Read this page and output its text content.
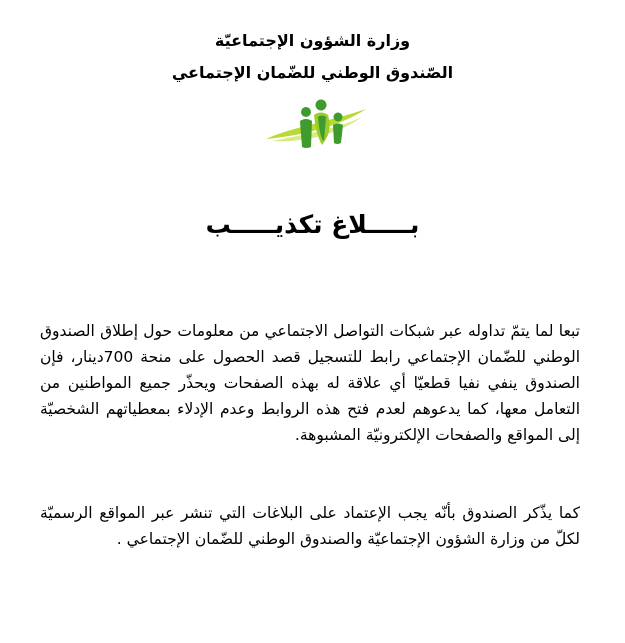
وزارة الشؤون الإجتماعيّة
الصّندوق الوطني للضّمان الإجتماعي
بـــــلاغ تكذيـــــب

تبعا لما يتمّ تداوله عبر شبكات التواصل الاجتماعي من معلومات حول إطلاق الصندوق الوطني للضّمان الإجتماعي رابط للتسجيل قصد الحصول على منحة 700دينار، فإن الصندوق ينفي نفيا قطعيّا أي علاقة له بهذه الصفحات ويحذّر جميع المواطنين من التعامل معها، كما يدعوهم لعدم فتح هذه الروابط وعدم الإدلاء بمعطياتهم الشخصيّة إلى المواقع والصفحات الإلكترونيّة المشبوهة.

كما يذّكر الصندوق بأنّه يجب الإعتماد على البلاغات التي تنشر عبر المواقع الرسميّة لكلّ من وزارة الشؤون الإجتماعيّة والصندوق الوطني للضّمان الإجتماعي .
